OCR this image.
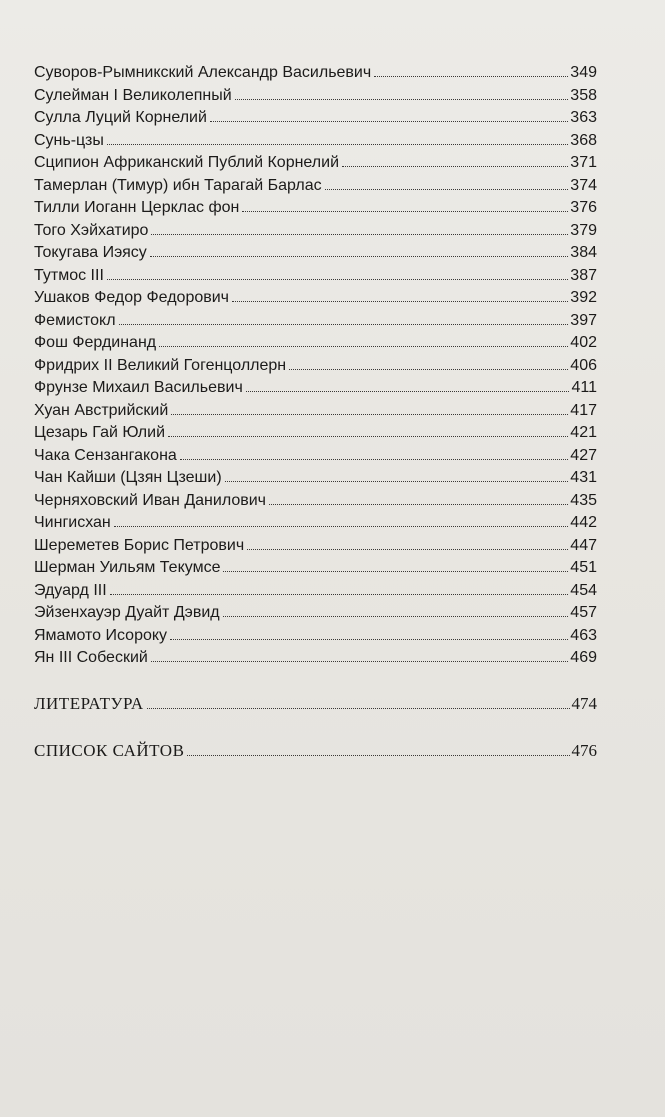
Суворов-Рымникский Александр Васильевич	349
Сулейман I Великолепный	358
Сулла Луций Корнелий	363
Сунь-цзы	368
Сципион Африканский Публий Корнелий	371
Тамерлан (Тимур) ибн Тарагай Барлас	374
Тилли Иоганн Церклас фон	376
Того Хэйхатиро	379
Токугава Иэясу	384
Тутмос III	387
Ушаков Федор Федорович	392
Фемистокл	397
Фош Фердинанд	402
Фридрих II Великий Гогенцоллерн	406
Фрунзе Михаил Васильевич	411
Хуан Австрийский	417
Цезарь Гай Юлий	421
Чака Сензангакона	427
Чан Кайши (Цзян Цзеши)	431
Черняховский Иван Данилович	435
Чингисхан	442
Шереметев Борис Петрович	447
Шерман Уильям Текумсе	451
Эдуард III	454
Эйзенхауэр Дуайт Дэвид	457
Ямамото Исороку	463
Ян III Собеский	469
ЛИТЕРАТУРА	474
СПИСОК САЙТОВ	476
